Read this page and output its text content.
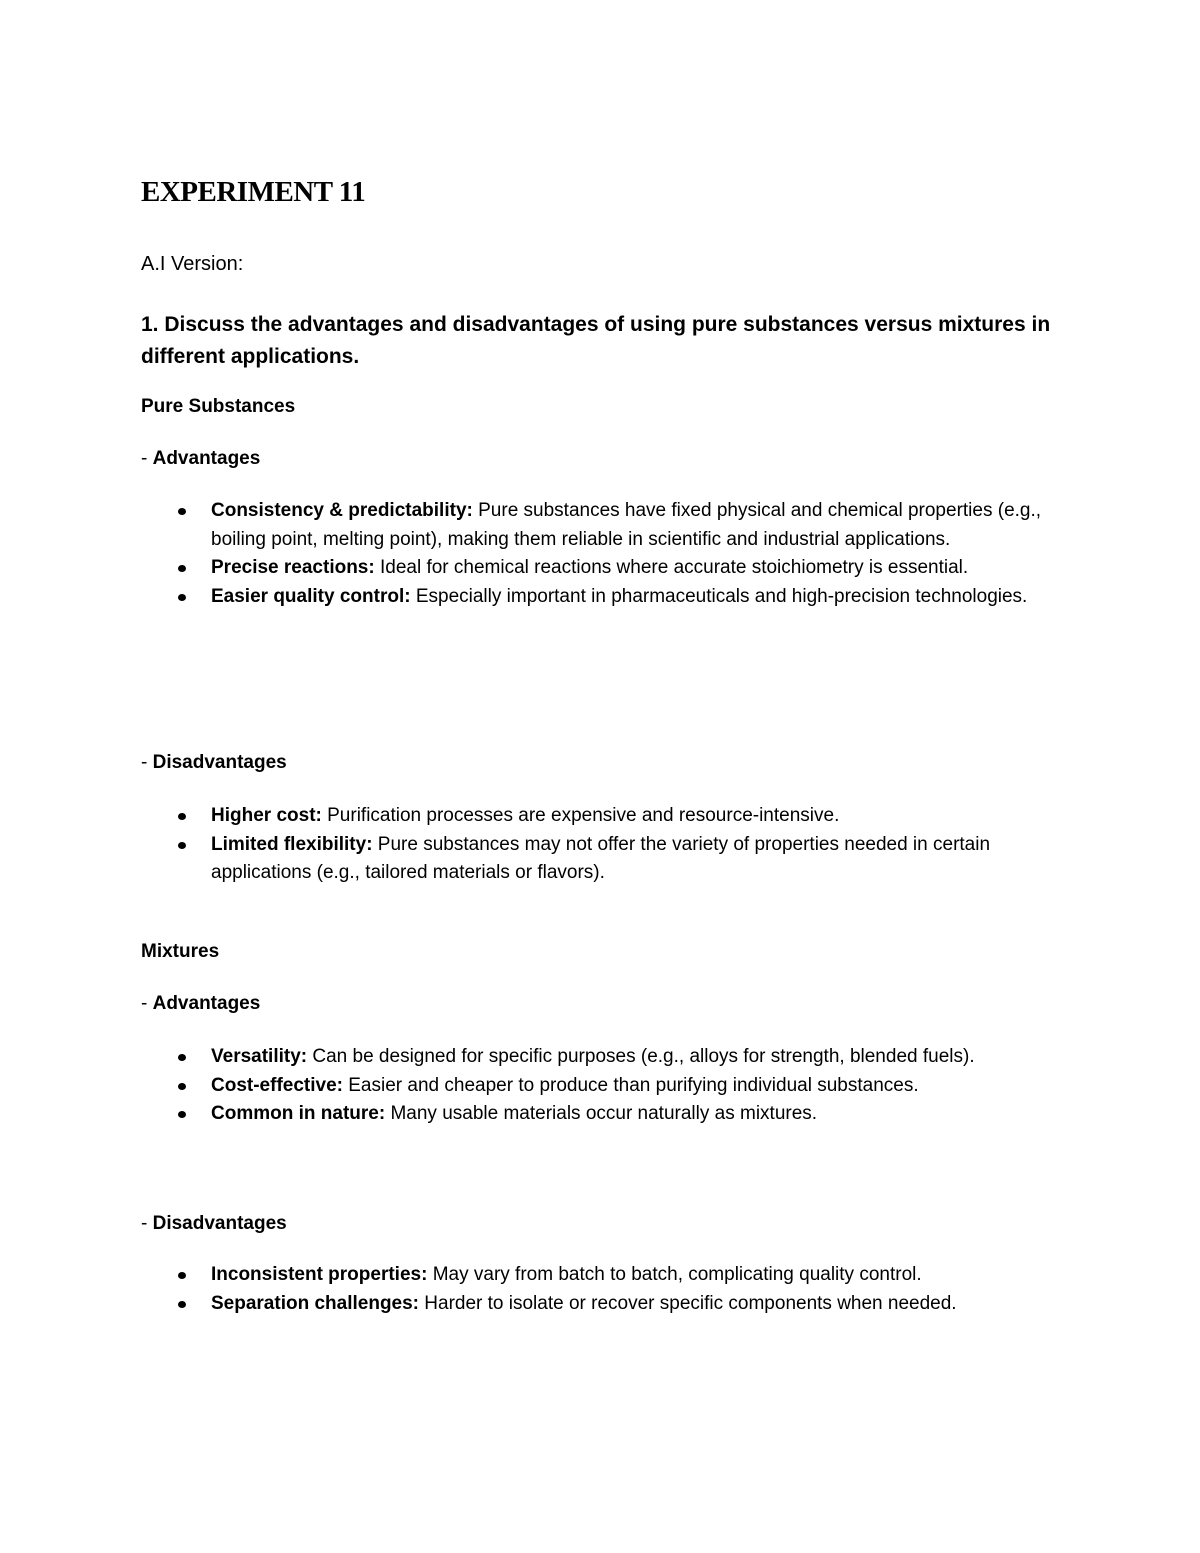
EXPERIMENT 11

A.I Version:

1. Discuss the advantages and disadvantages of using pure substances versus mixtures in different applications.

Pure Substances

- Advantages

Consistency & predictability: Pure substances have fixed physical and chemical properties (e.g., boiling point, melting point), making them reliable in scientific and industrial applications.
Precise reactions: Ideal for chemical reactions where accurate stoichiometry is essential.
Easier quality control: Especially important in pharmaceuticals and high-precision technologies.

- Disadvantages

Higher cost: Purification processes are expensive and resource-intensive.
Limited flexibility: Pure substances may not offer the variety of properties needed in certain applications (e.g., tailored materials or flavors).

Mixtures

- Advantages

Versatility: Can be designed for specific purposes (e.g., alloys for strength, blended fuels).
Cost-effective: Easier and cheaper to produce than purifying individual substances.
Common in nature: Many usable materials occur naturally as mixtures.

- Disadvantages

Inconsistent properties: May vary from batch to batch, complicating quality control.
Separation challenges: Harder to isolate or recover specific components when needed.
